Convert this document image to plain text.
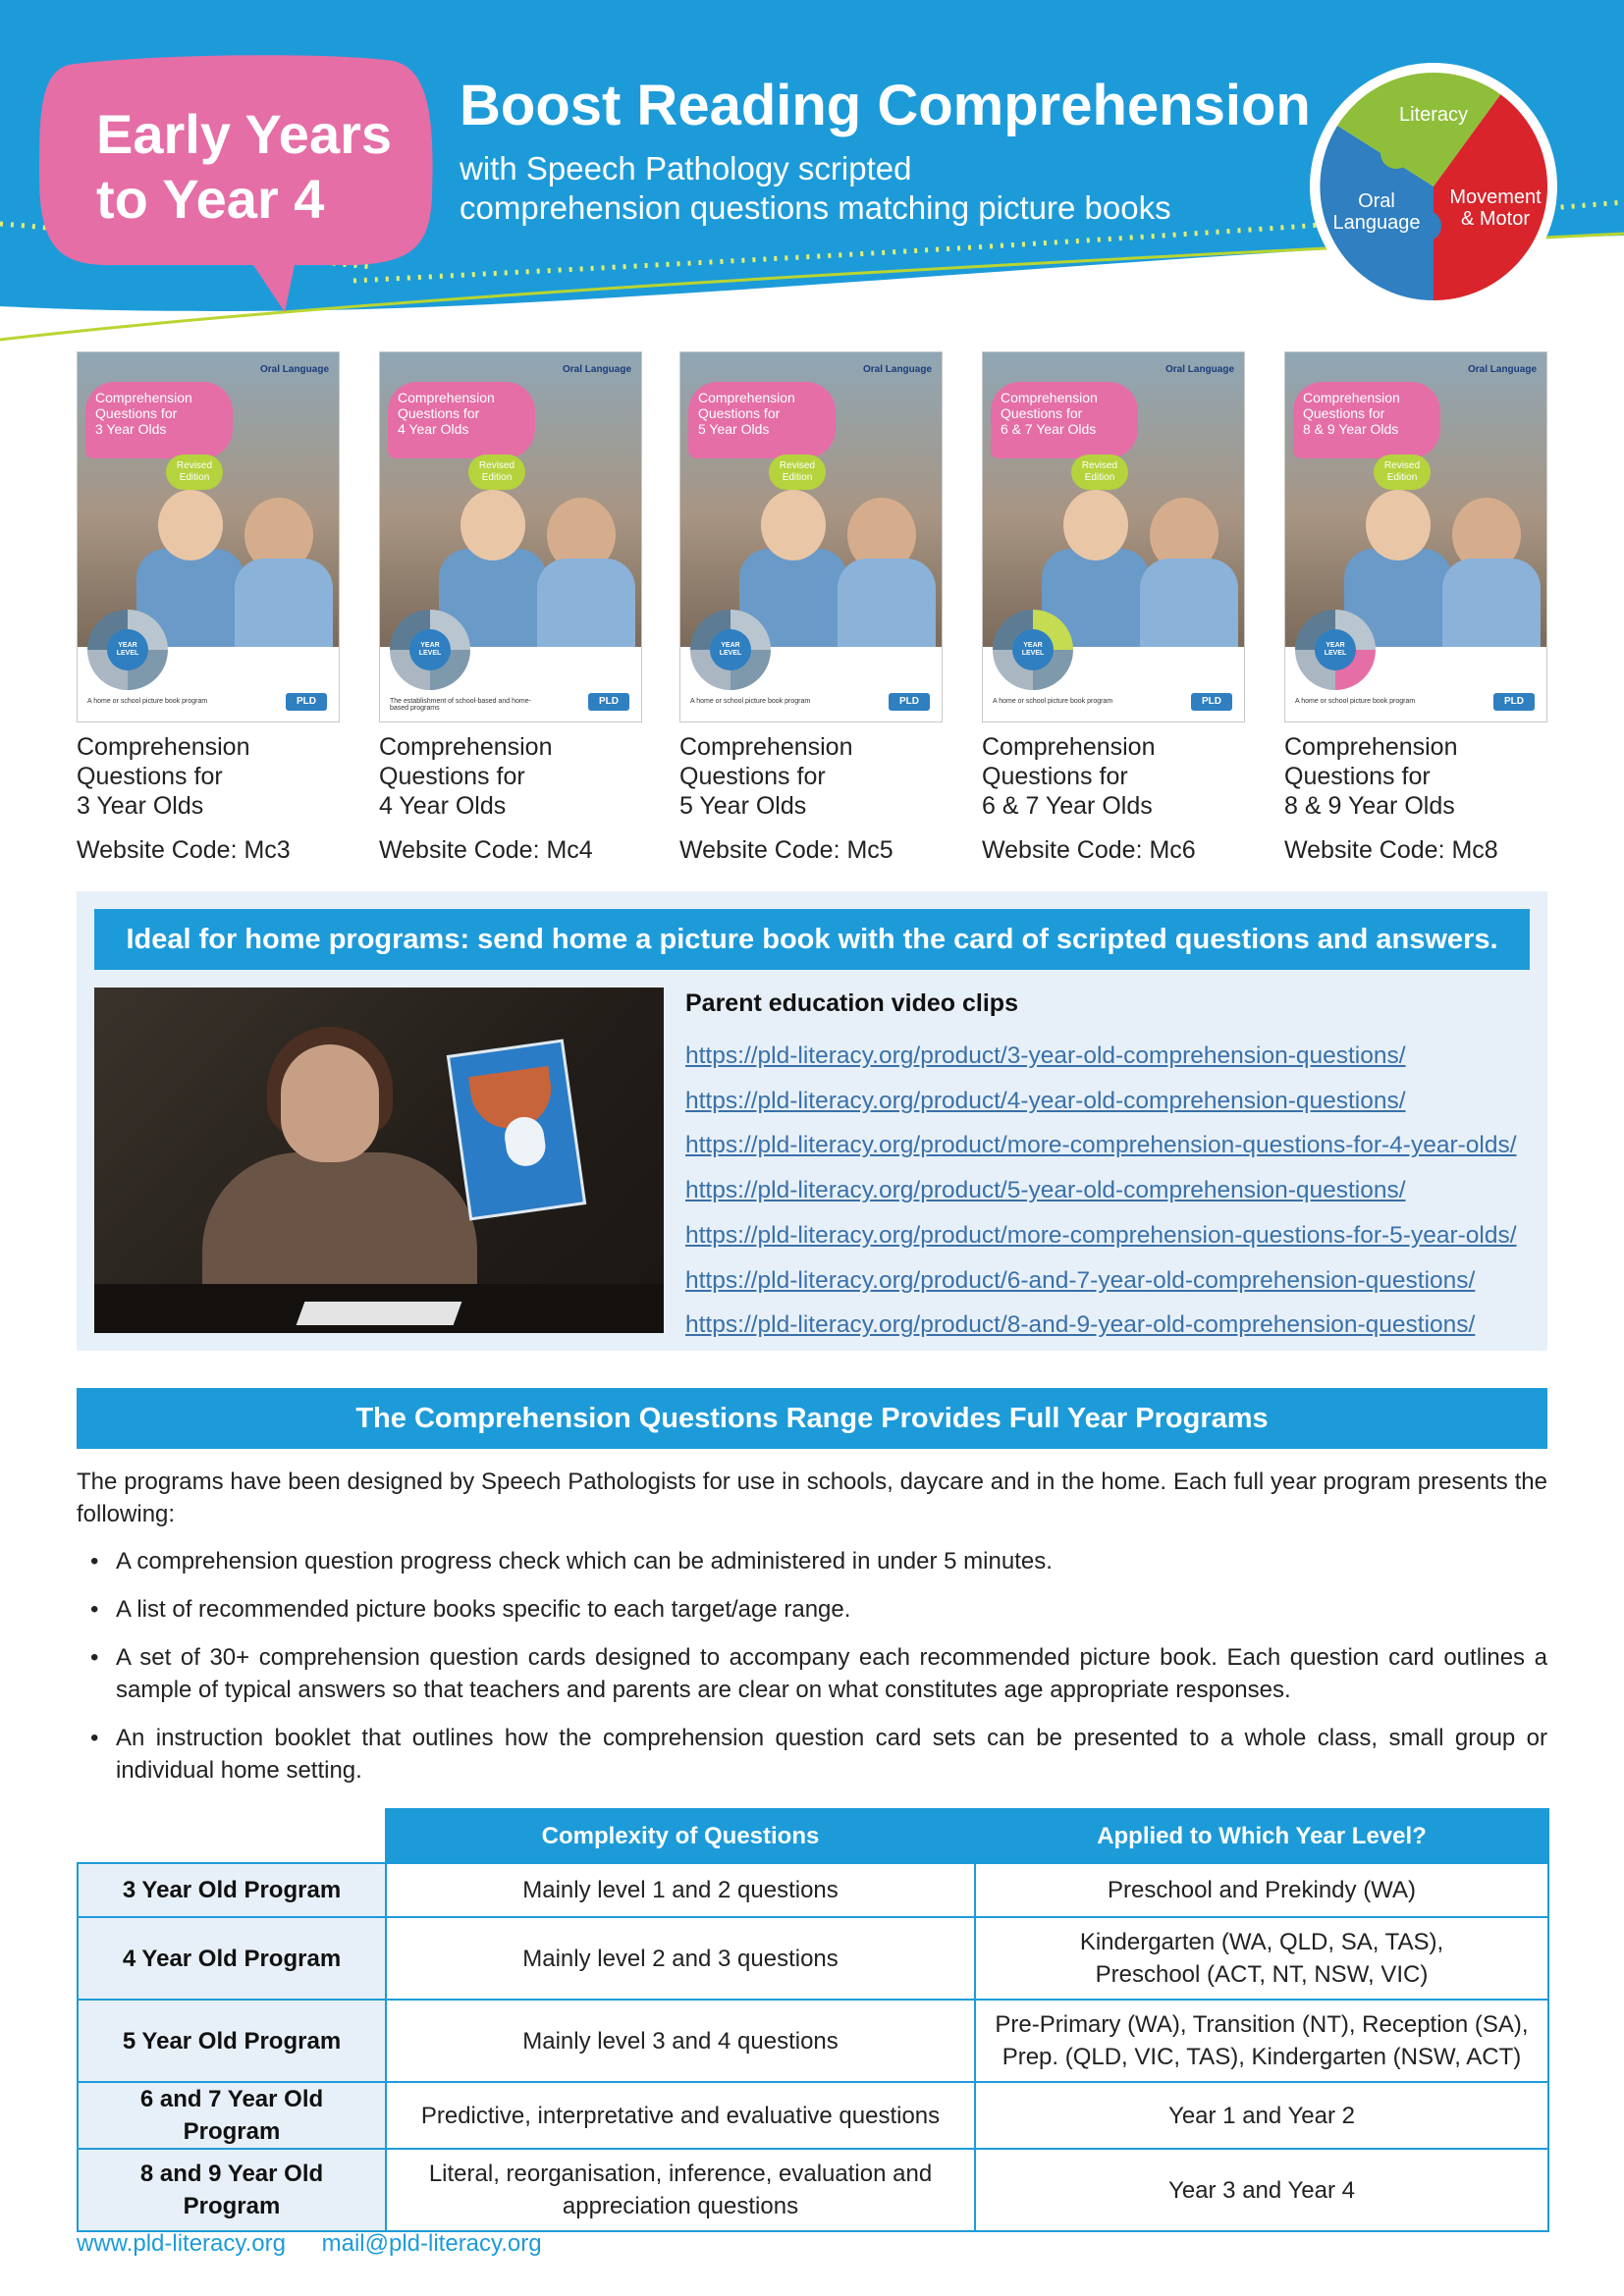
Early Years
to Year 4
Boost Reading Comprehension
with Speech Pathology scripted
comprehension questions matching picture books
Literacy
Oral
Language
Movement
& Motor
Oral Language
Comprehension
Questions for
3 Year Olds
Revised
Edition
YEAR
LEVEL
A home or school picture book program	PLD
Comprehension
Questions for
3 Year Olds
Website Code: Mc3
Oral Language
Comprehension
Questions for
4 Year Olds
Revised
Edition
YEAR
LEVEL
The establishment of school-based and home-based programs
PLD
Comprehension
Questions for
4 Year Olds
Website Code: Mc4
Oral Language
Comprehension
Questions for
5 Year Olds
Revised
Edition
YEAR
LEVEL
A home or school picture book program	PLD
Comprehension
Questions for
5 Year Olds
Website Code: Mc5
Oral Language
Comprehension
Questions for
6 & 7 Year Olds
Revised
Edition
YEAR
LEVEL
A home or school picture book program	PLD
Comprehension
Questions for
6 & 7 Year Olds
Website Code: Mc6
Oral Language
Comprehension
Questions for
8 & 9 Year Olds
Revised
Edition
YEAR
LEVEL
A home or school picture book program	PLD
Comprehension
Questions for
8 & 9 Year Olds
Website Code: Mc8
Ideal for home programs: send home a picture book with the card of scripted questions and answers.
Parent education video clips
https://pld-literacy.org/product/3-year-old-comprehension-questions/
https://pld-literacy.org/product/4-year-old-comprehension-questions/
https://pld-literacy.org/product/more-comprehension-questions-for-4-year-olds/
https://pld-literacy.org/product/5-year-old-comprehension-questions/
https://pld-literacy.org/product/more-comprehension-questions-for-5-year-olds/
https://pld-literacy.org/product/6-and-7-year-old-comprehension-questions/
https://pld-literacy.org/product/8-and-9-year-old-comprehension-questions/
The Comprehension Questions Range Provides Full Year Programs
The programs have been designed by Speech Pathologists for use in schools, daycare and in the home. Each full year program presents the following:
• A comprehension question progress check which can be administered in under 5 minutes.
• A list of recommended picture books specific to each target/age range.
• A set of 30+ comprehension question cards designed to accompany each recommended picture book. Each question card outlines a sample of typical answers so that teachers and parents are clear on what constitutes age appropriate responses.
• An instruction booklet that outlines how the comprehension question card sets can be presented to a whole class, small group or individual home setting.
	Complexity of Questions	Applied to Which Year Level?
3 Year Old Program	Mainly level 1 and 2 questions	Preschool and Prekindy (WA)

4 Year Old Program	Mainly level 2 and 3 questions	Kindergarten (WA, QLD, SA, TAS),
Preschool (ACT, NT, NSW, VIC)

5 Year Old Program	Mainly level 3 and 4 questions	Pre-Primary (WA), Transition (NT), Reception (SA),
Prep. (QLD, VIC, TAS), Kindergarten (NSW, ACT)

6 and 7 Year Old Program	Predictive, interpretative and evaluative questions	Year 1 and Year 2

8 and 9 Year Old Program	Literal, reorganisation, inference, evaluation and
appreciation questions	Year 3 and Year 4
www.pld-literacy.org mail@pld-literacy.org
